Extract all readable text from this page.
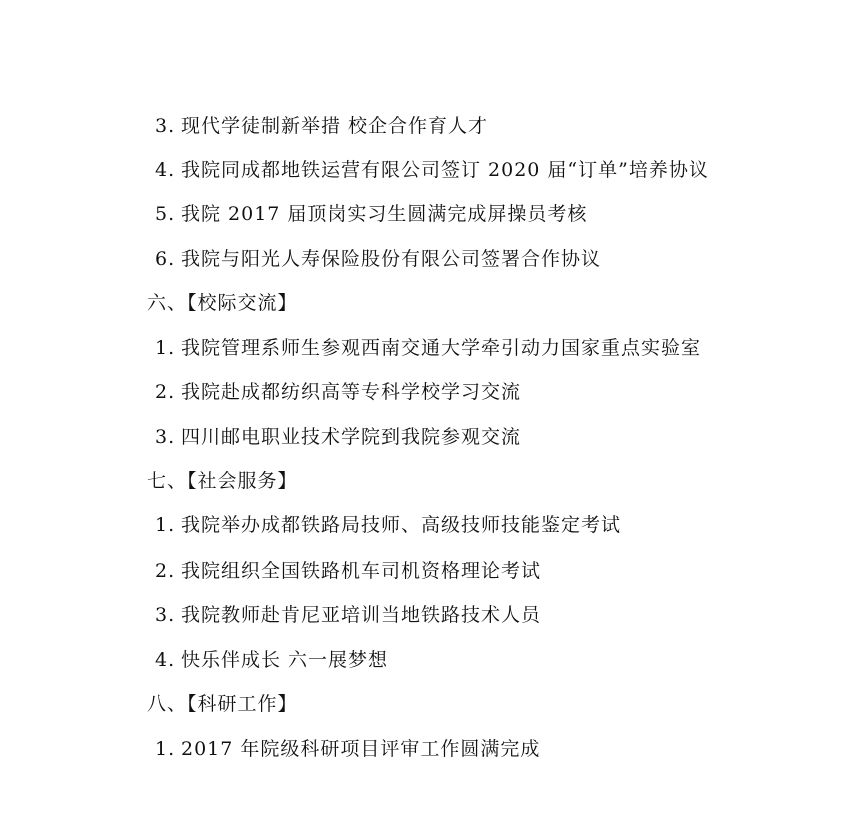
3. 现代学徒制新举措 校企合作育人才
4. 我院同成都地铁运营有限公司签订 2020 届“订单”培养协议
5. 我院 2017 届顶岗实习生圆满完成屏操员考核
6. 我院与阳光人寿保险股份有限公司签署合作协议
六、【校际交流】
1. 我院管理系师生参观西南交通大学牵引动力国家重点实验室
2. 我院赴成都纺织高等专科学校学习交流
3. 四川邮电职业技术学院到我院参观交流
七、【社会服务】
1. 我院举办成都铁路局技师、高级技师技能鉴定考试
2. 我院组织全国铁路机车司机资格理论考试
3. 我院教师赴肯尼亚培训当地铁路技术人员
4. 快乐伴成长 六一展梦想
八、【科研工作】
1. 2017 年院级科研项目评审工作圆满完成
